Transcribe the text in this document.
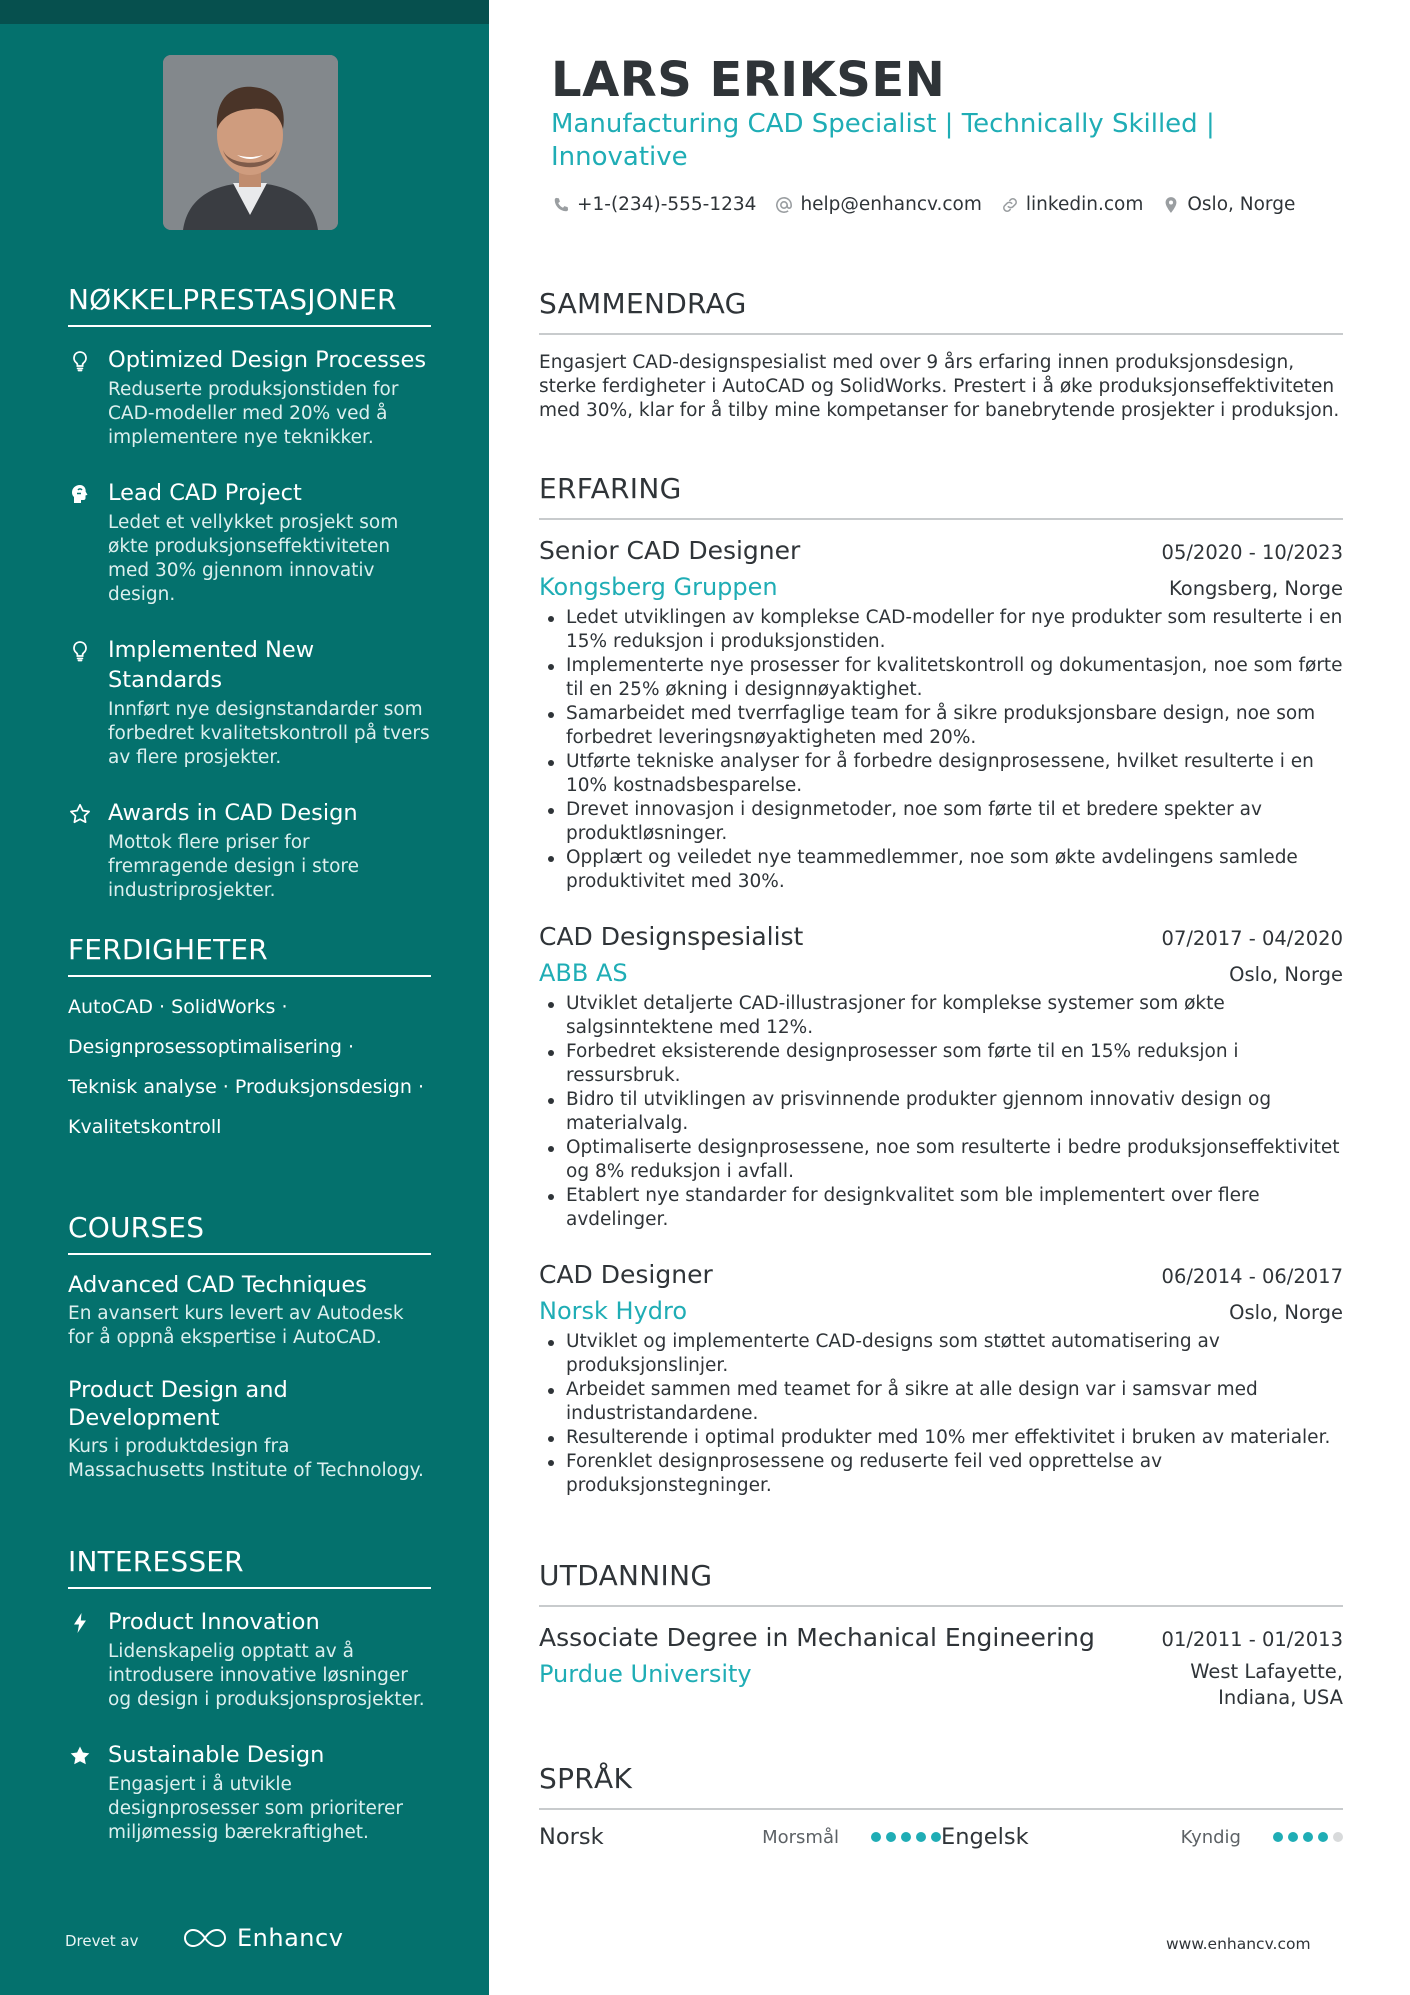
NØKKELPRESTASJONER
Optimized Design Processes
Reduserte produksjonstiden for CAD-modeller med 20% ved å implementere nye teknikker.
Lead CAD Project
Ledet et vellykket prosjekt som økte produksjonseffektiviteten med 30% gjennom innovativ design.
Implemented New Standards
Innført nye designstandarder som forbedret kvalitetskontroll på tvers av flere prosjekter.
Awards in CAD Design
Mottok flere priser for fremragende design i store industriprosjekter.
FERDIGHETER
AutoCAD · SolidWorks ·
Designprosessoptimalisering ·
Teknisk analyse · Produksjonsdesign ·
Kvalitetskontroll
COURSES
Advanced CAD Techniques
En avansert kurs levert av Autodesk for å oppnå ekspertise i AutoCAD.
Product Design and Development
Kurs i produktdesign fra Massachusetts Institute of Technology.
INTERESSER
Product Innovation
Lidenskapelig opptatt av å introdusere innovative løsninger og design i produksjonsprosjekter.
Sustainable Design
Engasjert i å utvikle designprosesser som prioriterer miljømessig bærekraftighet.
Drevet av	Enhancv
LARS ERIKSEN
Manufacturing CAD Specialist | Technically Skilled | Innovative
+1-(234)-555-1234 help@enhancv.com linkedin.com Oslo, Norge
SAMMENDRAG
Engasjert CAD-designspesialist med over 9 års erfaring innen produksjonsdesign, sterke ferdigheter i AutoCAD og SolidWorks. Prestert i å øke produksjonseffektiviteten med 30%, klar for å tilby mine kompetanser for banebrytende prosjekter i produksjon.
ERFARING
Senior CAD Designer	05/2020 - 10/2023
Kongsberg Gruppen	Kongsberg, Norge
Ledet utviklingen av komplekse CAD-modeller for nye produkter som resulterte i en 15% reduksjon i produksjonstiden.
Implementerte nye prosesser for kvalitetskontroll og dokumentasjon, noe som førte til en 25% økning i designnøyaktighet.
Samarbeidet med tverrfaglige team for å sikre produksjonsbare design, noe som forbedret leveringsnøyaktigheten med 20%.
Utførte tekniske analyser for å forbedre designprosessene, hvilket resulterte i en 10% kostnadsbesparelse.
Drevet innovasjon i designmetoder, noe som førte til et bredere spekter av produktløsninger.
Opplært og veiledet nye teammedlemmer, noe som økte avdelingens samlede produktivitet med 30%.
CAD Designspesialist	07/2017 - 04/2020
ABB AS	Oslo, Norge
Utviklet detaljerte CAD-illustrasjoner for komplekse systemer som økte salgsinntektene med 12%.
Forbedret eksisterende designprosesser som førte til en 15% reduksjon i ressursbruk.
Bidro til utviklingen av prisvinnende produkter gjennom innovativ design og materialvalg.
Optimaliserte designprosessene, noe som resulterte i bedre produksjonseffektivitet og 8% reduksjon i avfall.
Etablert nye standarder for designkvalitet som ble implementert over flere avdelinger.
CAD Designer	06/2014 - 06/2017
Norsk Hydro	Oslo, Norge
Utviklet og implementerte CAD-designs som støttet automatisering av produksjonslinjer.
Arbeidet sammen med teamet for å sikre at alle design var i samsvar med industristandardene.
Resulterende i optimal produkter med 10% mer effektivitet i bruken av materialer.
Forenklet designprosessene og reduserte feil ved opprettelse av produksjonstegninger.
UTDANNING
Associate Degree in Mechanical Engineering	01/2011 - 01/2013
Purdue University	West Lafayette,
Indiana, USA
SPRÅK
Norsk	Morsmål	Engelsk	Kyndig
www.enhancv.com
